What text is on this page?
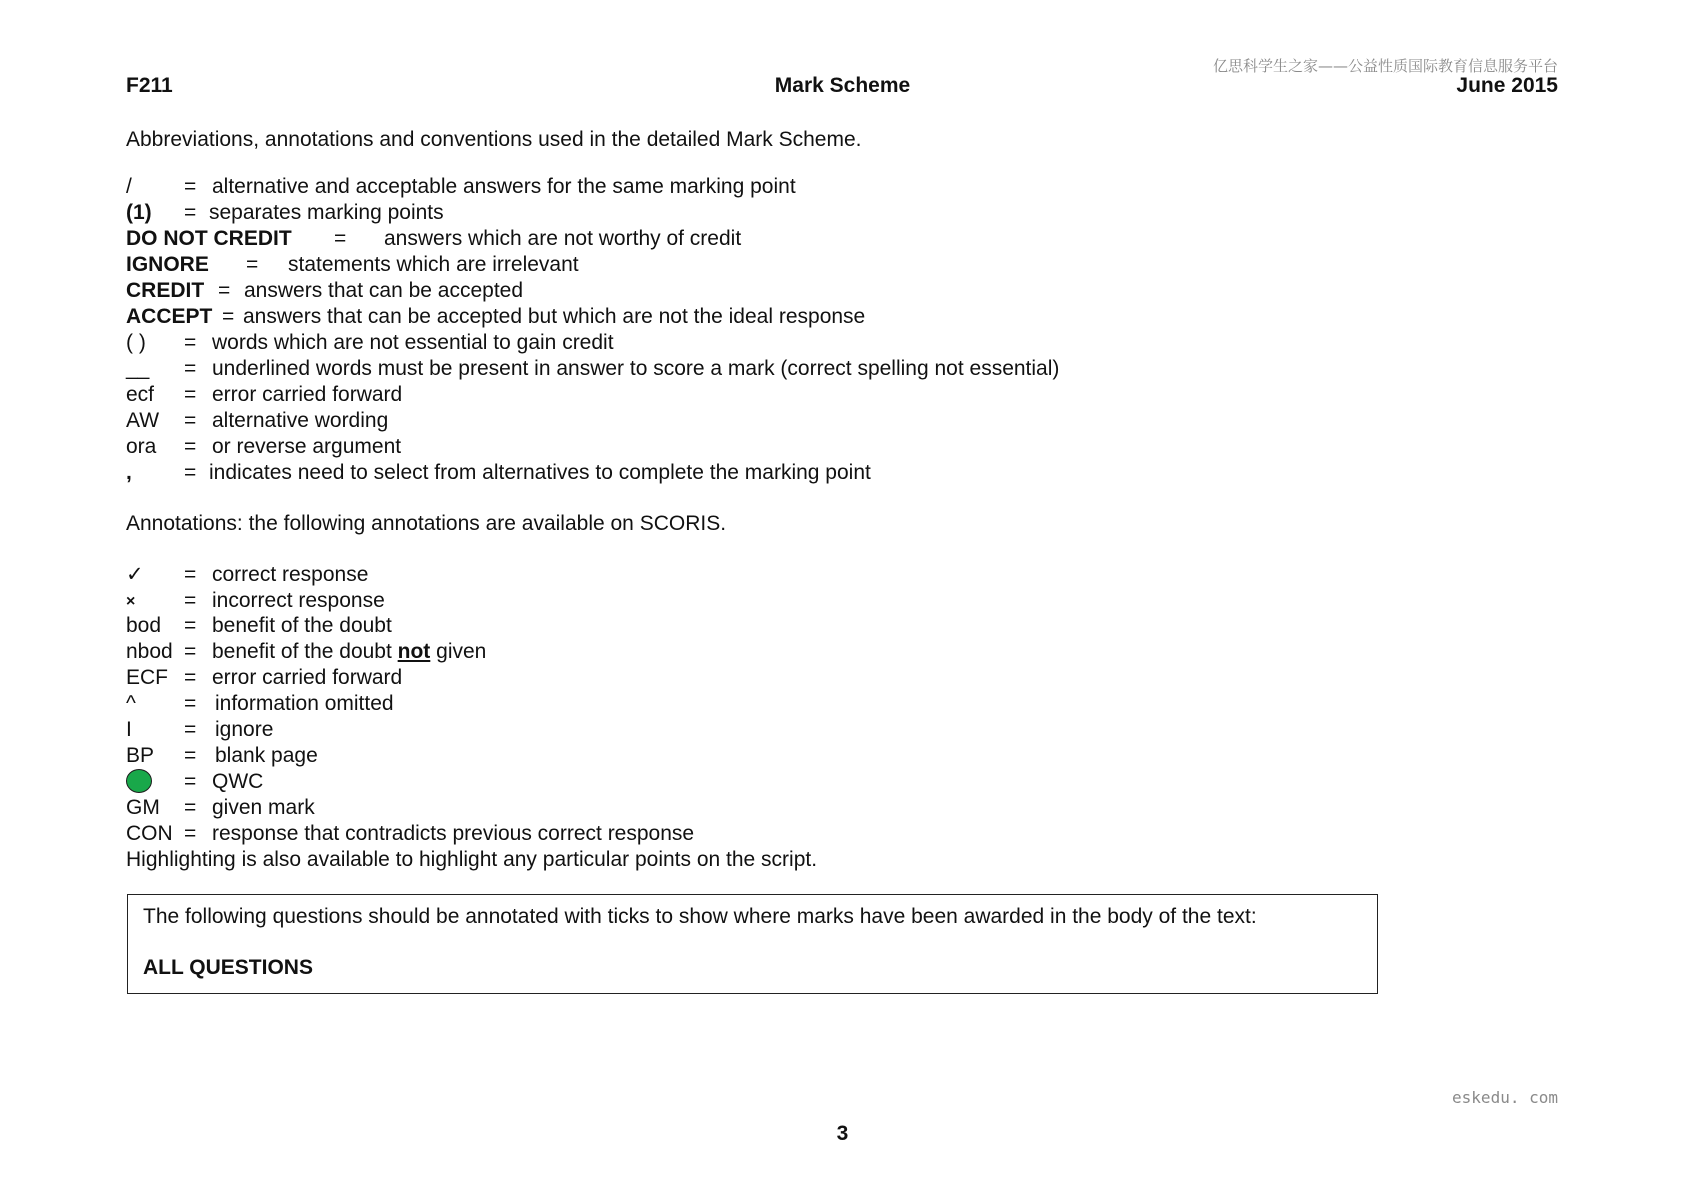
亿思科学生之家——公益性质国际教育信息服务平台
F211	Mark Scheme	June 2015
Abbreviations, annotations and conventions used in the detailed Mark Scheme.
/ = alternative and acceptable answers for the same marking point
(1) = separates marking points
DO NOT CREDIT = answers which are not worthy of credit
IGNORE = statements which are irrelevant
CREDIT = answers that can be accepted
ACCEPT = answers that can be accepted but which are not the ideal response
( ) = words which are not essential to gain credit
__ = underlined words must be present in answer to score a mark (correct spelling not essential)
ecf = error carried forward
AW = alternative wording
ora = or reverse argument
, = indicates need to select from alternatives to complete the marking point
Annotations: the following annotations are available on SCORIS.
✓ = correct response
× = incorrect response
bod = benefit of the doubt
nbod = benefit of the doubt not given
ECF = error carried forward
^ = information omitted
I = ignore
BP = blank page
= QWC
GM = given mark
CON = response that contradicts previous correct response
Highlighting is also available to highlight any particular points on the script.
The following questions should be annotated with ticks to show where marks have been awarded in the body of the text:
ALL QUESTIONS
eskedu. com
3
